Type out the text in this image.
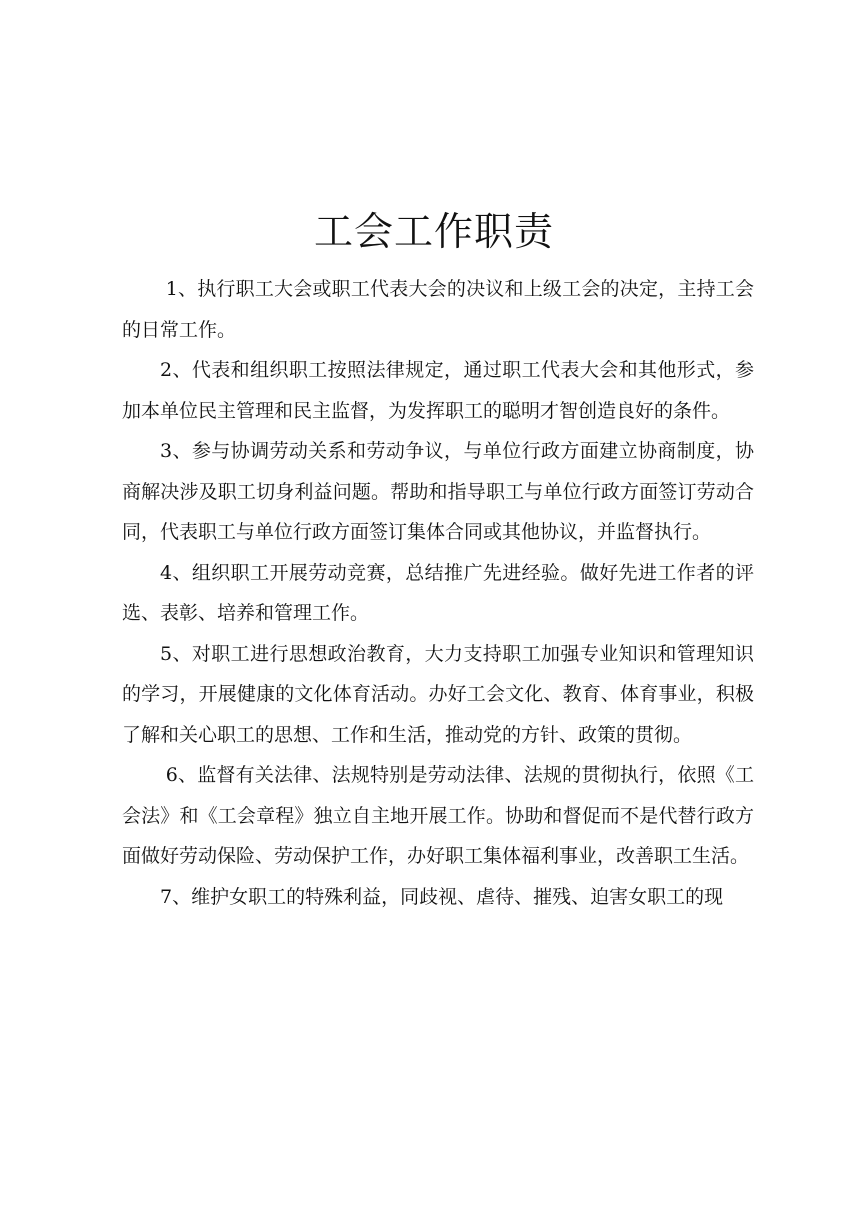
工会工作职责

1、执行职工大会或职工代表大会的决议和上级工会的决定，主持工会的日常工作。

2、代表和组织职工按照法律规定，通过职工代表大会和其他形式，参加本单位民主管理和民主监督，为发挥职工的聪明才智创造良好的条件。

3、参与协调劳动关系和劳动争议，与单位行政方面建立协商制度，协商解决涉及职工切身利益问题。帮助和指导职工与单位行政方面签订劳动合同，代表职工与单位行政方面签订集体合同或其他协议，并监督执行。

4、组织职工开展劳动竞赛，总结推广先进经验。做好先进工作者的评选、表彰、培养和管理工作。

5、对职工进行思想政治教育，大力支持职工加强专业知识和管理知识的学习，开展健康的文化体育活动。办好工会文化、教育、体育事业，积极了解和关心职工的思想、工作和生活，推动党的方针、政策的贯彻。

6、监督有关法律、法规特别是劳动法律、法规的贯彻执行，依照《工会法》和《工会章程》独立自主地开展工作。协助和督促而不是代替行政方面做好劳动保险、劳动保护工作，办好职工集体福利事业，改善职工生活。

7、维护女职工的特殊利益，同歧视、虐待、摧残、迫害女职工的现
